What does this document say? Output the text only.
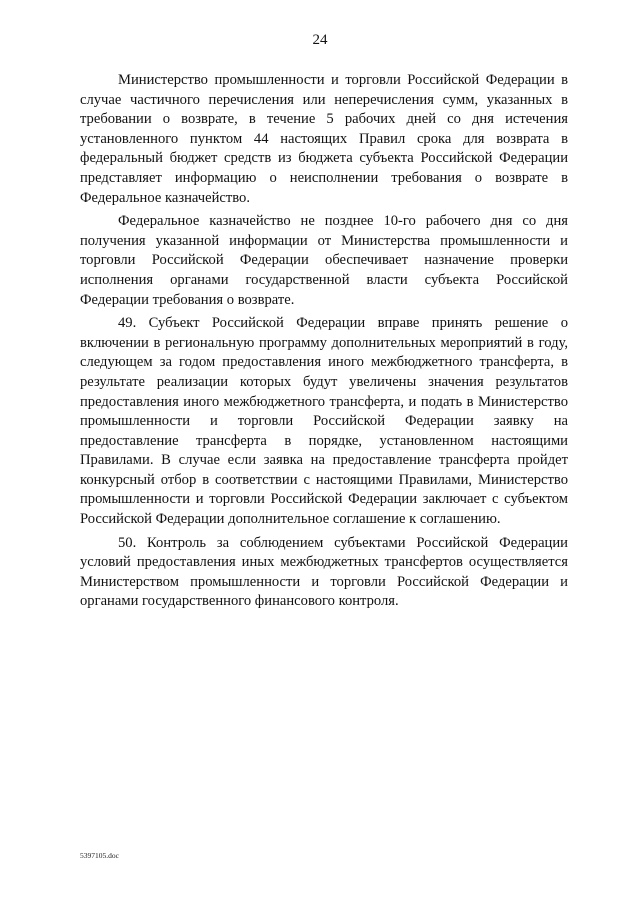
24

Министерство промышленности и торговли Российской Федерации в случае частичного перечисления или неперечисления сумм, указанных в требовании о возврате, в течение 5 рабочих дней со дня истечения установленного пунктом 44 настоящих Правил срока для возврата в федеральный бюджет средств из бюджета субъекта Российской Федерации представляет информацию о неисполнении требования о возврате в Федеральное казначейство.

Федеральное казначейство не позднее 10-го рабочего дня со дня получения указанной информации от Министерства промышленности и торговли Российской Федерации обеспечивает назначение проверки исполнения органами государственной власти субъекта Российской Федерации требования о возврате.

49. Субъект Российской Федерации вправе принять решение о включении в региональную программу дополнительных мероприятий в году, следующем за годом предоставления иного межбюджетного трансферта, в результате реализации которых будут увеличены значения результатов предоставления иного межбюджетного трансферта, и подать в Министерство промышленности и торговли Российской Федерации заявку на предоставление трансферта в порядке, установленном настоящими Правилами. В случае если заявка на предоставление трансферта пройдет конкурсный отбор в соответствии с настоящими Правилами, Министерство промышленности и торговли Российской Федерации заключает с субъектом Российской Федерации дополнительное соглашение к соглашению.

50. Контроль за соблюдением субъектами Российской Федерации условий предоставления иных межбюджетных трансфертов осуществляется Министерством промышленности и торговли Российской Федерации и органами государственного финансового контроля.

5397105.doc
